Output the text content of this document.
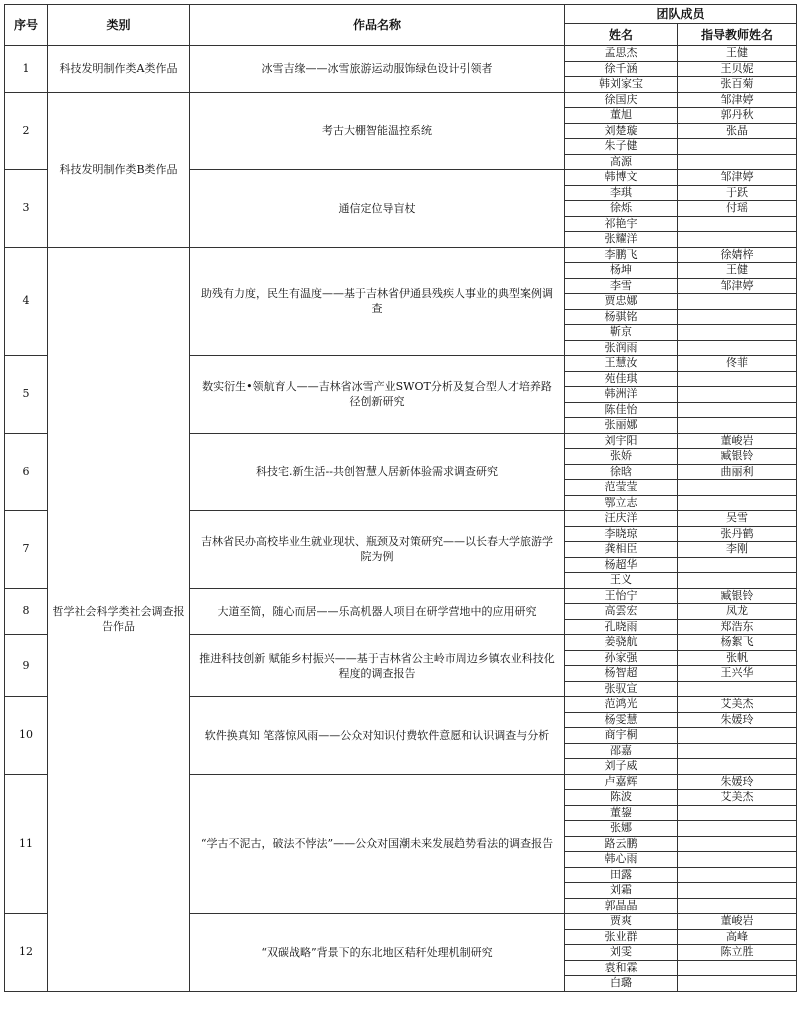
序号	类别	作品名称	团队成员	
			姓名	指导教师姓名
1	科技发明制作类A类作品	冰雪吉缘——冰雪旅游运动服饰绿色设计引领者	孟思杰	王健
			徐千涵	王贝妮
			韩刘家宝	张百菊
2	科技发明制作类B类作品	考古大棚智能温控系统	徐国庆	邹津婷
			董旭	郭丹秋
			刘楚璇	张晶
			朱子健	
			高源	
3		通信定位导盲杖	韩博文	邹津婷
			李琪	于跃
			徐烁	付瑶
			祁艳宇	
			张耀洋	
4	哲学社会科学类社会调查报告作品	助残有力度，民生有温度——基于吉林省伊通县残疾人事业的典型案例调查	李鹏飞	徐婧梓
			杨坤	王健
			李雪	邹津婷
			贾忠娜	
			杨骐铭	
			靳京	
			张润雨	
5		数实衍生•领航育人——吉林省冰雪产业SWOT分析及复合型人才培养路径创新研究	王慧汝	佟菲
			苑佳琪	
			韩洲洋	
			陈佳怡	
			张丽娜	
6		科技宅.新生活--共创智慧人居新体验需求调查研究	刘宇阳	董峻岩
			张娇	臧银铃
			徐晗	曲丽利
			范莹莹	
			鄂立志	
7		吉林省民办高校毕业生就业现状、瓶颈及对策研究——以长春大学旅游学院为例	汪庆洋	吴雪
			李晓琼	张丹鹤
			龚相臣	李刚
			杨超华	
			王义	
8		大道至简，随心而居——乐高机器人项目在研学营地中的应用研究	王怡宁	臧银铃
			高雲宏	凤龙
			孔晓雨	郑浩东
9		推进科技创新 赋能乡村振兴——基于吉林省公主岭市周边乡镇农业科技化程度的调查报告	姜骁航	杨絮飞
			孙家强	张帆
			杨智超	王兴华
			张驭宣	
10		软件换真知 笔落惊风雨——公众对知识付费软件意愿和认识调查与分析	范鸿光	艾美杰
			杨雯慧	朱媛玲
			商宇桐	
			邵嘉	
			刘子威	
11		“学古不泥古，破法不悖法”——公众对国潮未来发展趋势看法的调查报告	卢嘉辉	朱媛玲
			陈波	艾美杰
			董鋆	
			张娜	
			路云鹏	
			韩心雨	
			田露	
			刘霜	
			郭晶晶	
12		“双碳战略”背景下的东北地区秸秆处理机制研究	贾爽	董峻岩
			张业群	高峰
			刘雯	陈立胜
			袁和霖	
			白璐	
